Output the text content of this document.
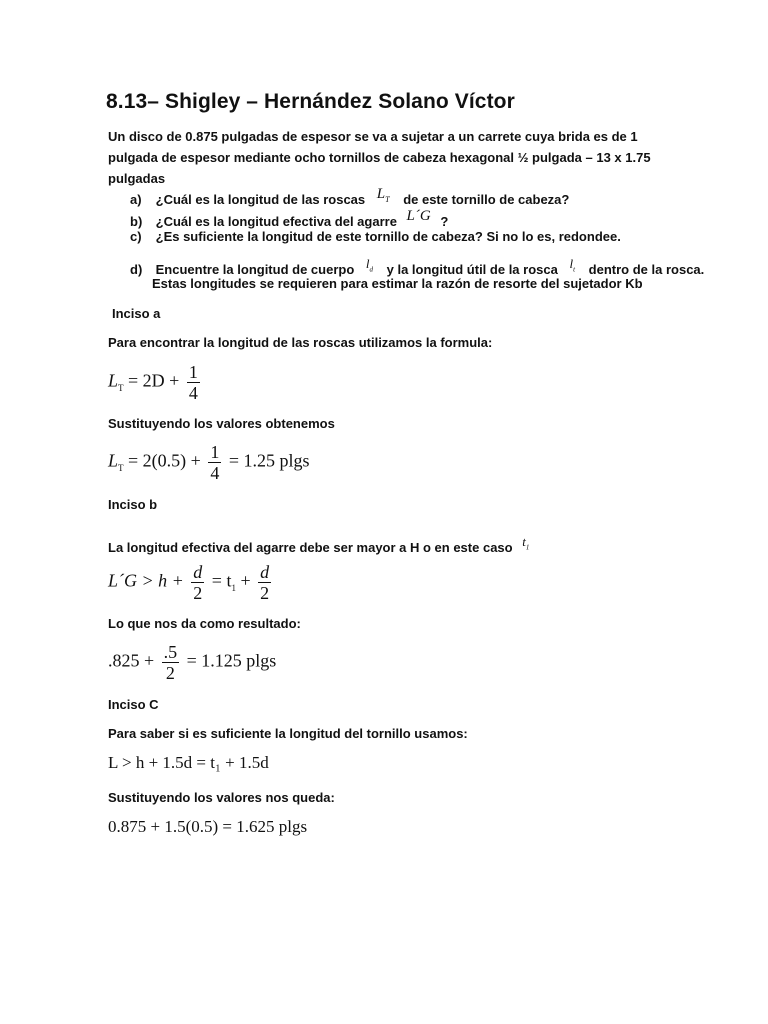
8.13– Shigley – Hernández Solano Víctor
Un disco de 0.875 pulgadas de espesor se va a sujetar a un carrete cuya brida es de 1 pulgada de espesor mediante ocho tornillos de cabeza hexagonal ½ pulgada – 13 x 1.75 pulgadas
a) ¿Cuál es la longitud de las roscas $L_T$ de este tornillo de cabeza?
b) ¿Cuál es la longitud efectiva del agarre L´G ?
c) ¿Es suficiente la longitud de este tornillo de cabeza? Si no lo es, redondee.
d) Encuentre la longitud de cuerpo $l_d$ y la longitud útil de la rosca $l_t$ dentro de la rosca.
Estas longitudes se requieren para estimar la razón de resorte del sujetador Kb
Inciso a
Para encontrar la longitud de las roscas utilizamos la formula:
$L_T = 2D + \frac{1}{4}$
Sustituyendo los valores obtenemos
$L_T = 2(0.5) + \frac{1}{4} = 1.25$ plgs
Inciso b
La longitud efectiva del agarre debe ser mayor a H o en este caso $t_1$
L´G > $h + \frac{d}{2} = t_1 + \frac{d}{2}$
Lo que nos da como resultado:
$.825 + \frac{.5}{2} = 1.125$ plgs
Inciso C
Para saber si es suficiente la longitud del tornillo usamos:
L > h + 1.5d = t₁ + 1.5d
Sustituyendo los valores nos queda:
0.875 + 1.5(0.5) = 1.625 plgs
